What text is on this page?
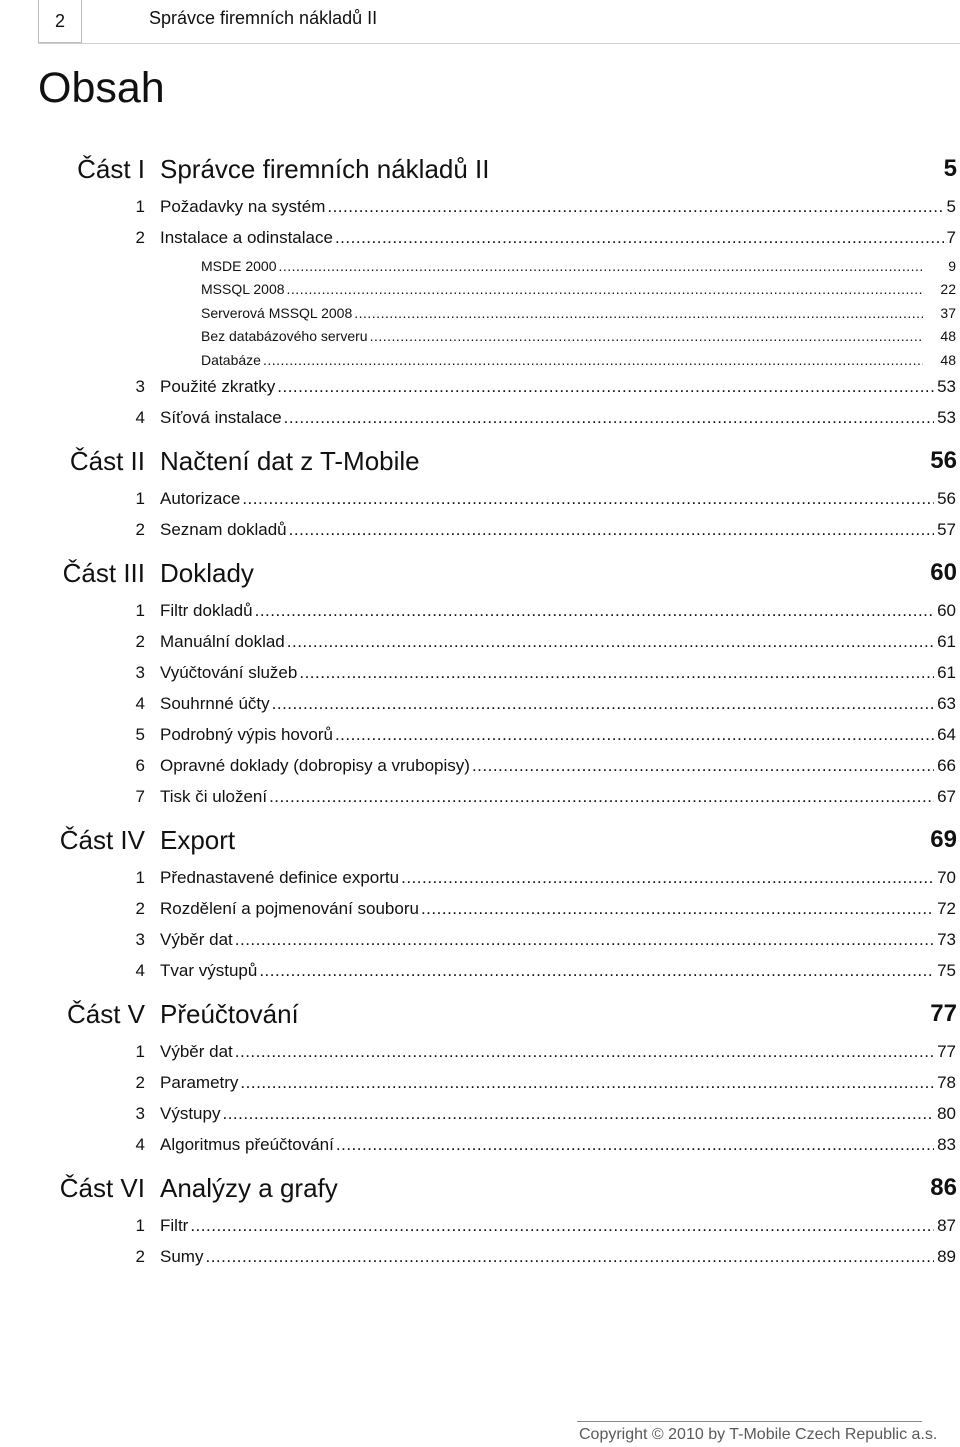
2	Správce firemních nákladů II
Obsah
Část I Správce firemních nákladů II	5
1 Požadavky na systém .....	5
2 Instalace a odinstalace .....	7
MSDE 2000 .....	9
MSSQL 2008 .....	22
Serverová MSSQL 2008 .....	37
Bez databázového serveru .....	48
Databáze .....	48
3 Použité zkratky .....	53
4 Síťová instalace .....	53
Část II Načtení dat z T-Mobile	56
1 Autorizace .....	56
2 Seznam dokladů .....	57
Část III Doklady	60
1 Filtr dokladů .....	60
2 Manuální doklad .....	61
3 Vyúčtování služeb .....	61
4 Souhrnné účty .....	63
5 Podrobný výpis hovorů .....	64
6 Opravné doklady (dobropisy a vrubopisy) .....	66
7 Tisk či uložení .....	67
Část IV Export	69
1 Přednastavené definice exportu .....	70
2 Rozdělení a pojmenování souboru .....	72
3 Výběr dat .....	73
4 Tvar výstupů .....	75
Část V Přeúčtování	77
1 Výběr dat .....	77
2 Parametry .....	78
3 Výstupy .....	80
4 Algoritmus přeúčtování .....	83
Část VI Analýzy a grafy	86
1 Filtr .....	87
2 Sumy .....	89
Copyright © 2010 by T-Mobile Czech Republic a.s.
